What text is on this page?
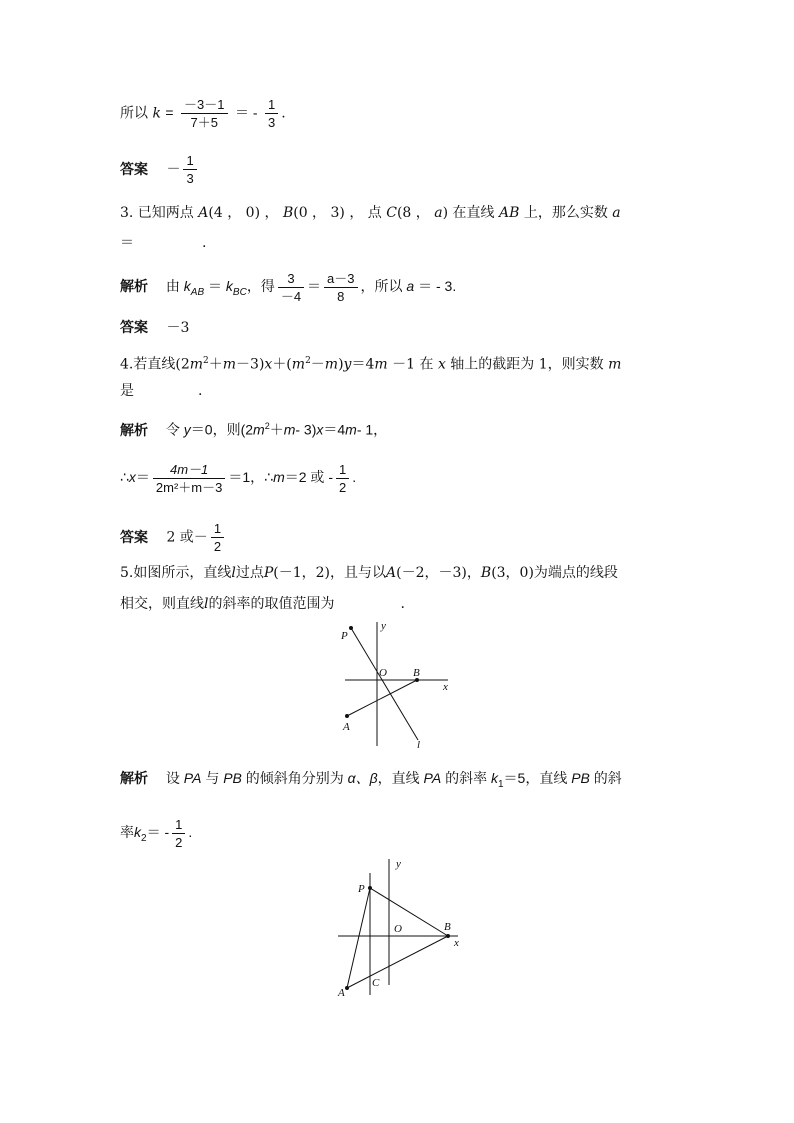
所以 $k = \frac{-3-1}{7+5}$ ＝ - $\frac{1}{3}$ .
答案 － $\frac{1}{3}$
3. 已知两点 A(4 ， 0) ， B(0 ， 3) ， 点 C(8 ， a) 在直线 AB 上，那么实数 a
＝	.
解析 由 $k_{AB} = k_{BC}$，得 $\frac{3}{-4} = \frac{a-3}{8}$ ，所以 a ＝ - 3.
答案 －3
4.若直线$(2m^2+m-3)x+(m^2-m)y=4m -1$ 在 x 轴上的截距为 1，则实数 m
是	.
解析 令 y＝0，则($2m^2+m-$ 3)x＝4m- 1，
∴x＝ $\frac{4m-1}{\text{2m²＋m－3}} =1$，∴m＝2 或 - $\frac{1}{2}$ .
答案 2 或－ $\frac{1}{2}$
5.如图所示，直线l过点P(－1，2)，且与以A(－2，－3)，B(3，0)为端点的线段
相交，则直线l的斜率的取值范围为	.
P
y
O B
x
A
l
解析 设 PA 与 PB 的倾斜角分别为 α、β，直线 PA 的斜率 $k_1=5$，直线 PB 的斜
率$k_2= - \frac{1}{2}$ .
y
P
O	B
x
A
C
